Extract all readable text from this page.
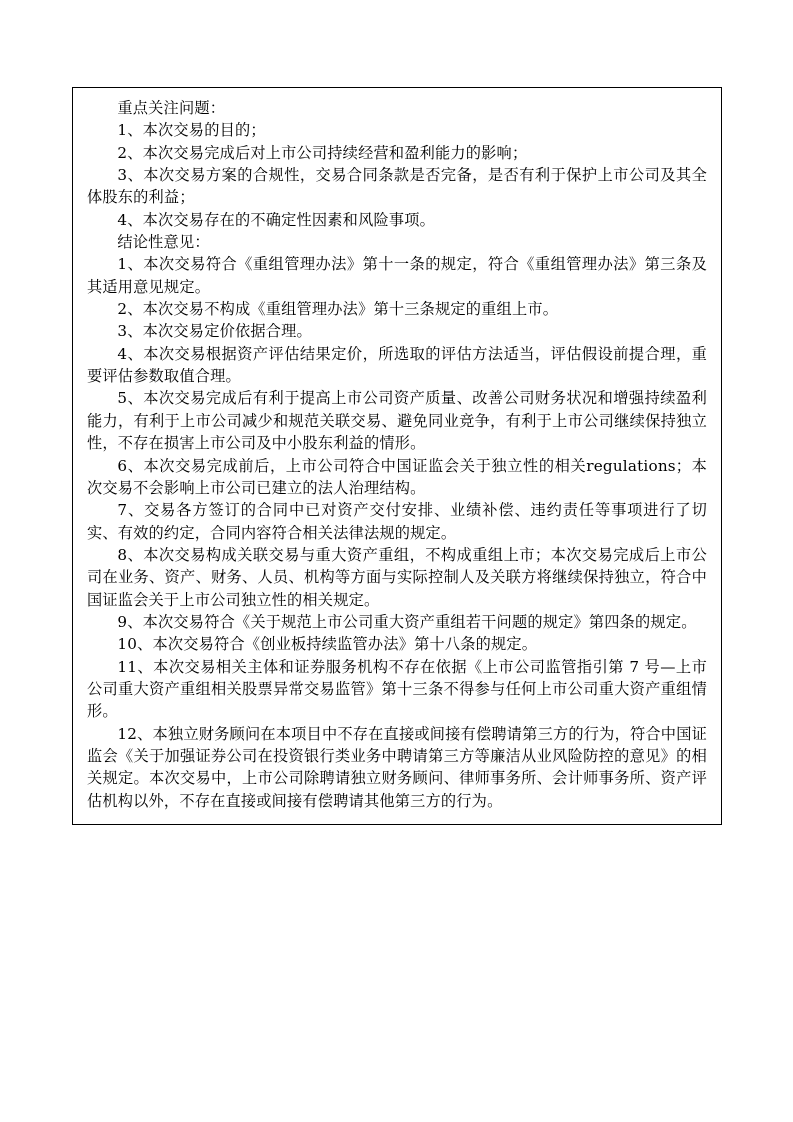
重点关注问题：

1、本次交易的目的；

2、本次交易完成后对上市公司持续经营和盈利能力的影响；

3、本次交易方案的合规性，交易合同条款是否完备，是否有利于保护上市公司及其全体股东的利益；

4、本次交易存在的不确定性因素和风险事项。

结论性意见：

1、本次交易符合《重组管理办法》第十一条的规定，符合《重组管理办法》第三条及其适用意见规定。

2、本次交易不构成《重组管理办法》第十三条规定的重组上市。

3、本次交易定价依据合理。

4、本次交易根据资产评估结果定价，所选取的评估方法适当，评估假设前提合理，重要评估参数取值合理。

5、本次交易完成后有利于提高上市公司资产质量、改善公司财务状况和增强持续盈利能力，有利于上市公司减少和规范关联交易、避免同业竞争，有利于上市公司继续保持独立性，不存在损害上市公司及中小股东利益的情形。

6、本次交易完成前后，上市公司符合中国证监会关于独立性的相关regulations；本次交易不会影响上市公司已建立的法人治理结构。

7、交易各方签订的合同中已对资产交付安排、业绩补偿、违约责任等事项进行了切实、有效的约定，合同内容符合相关法律法规的规定。

8、本次交易构成关联交易与重大资产重组，不构成重组上市；本次交易完成后上市公司在业务、资产、财务、人员、机构等方面与实际控制人及关联方将继续保持独立，符合中国证监会关于上市公司独立性的相关规定。

9、本次交易符合《关于规范上市公司重大资产重组若干问题的规定》第四条的规定。

10、本次交易符合《创业板持续监管办法》第十八条的规定。

11、本次交易相关主体和证券服务机构不存在依据《上市公司监管指引第 7 号—上市公司重大资产重组相关股票异常交易监管》第十三条不得参与任何上市公司重大资产重组情形。

12、本独立财务顾问在本项目中不存在直接或间接有偿聘请第三方的行为，符合中国证监会《关于加强证券公司在投资银行类业务中聘请第三方等廉洁从业风险防控的意见》的相关规定。本次交易中，上市公司除聘请独立财务顾问、律师事务所、会计师事务所、资产评估机构以外，不存在直接或间接有偿聘请其他第三方的行为。
